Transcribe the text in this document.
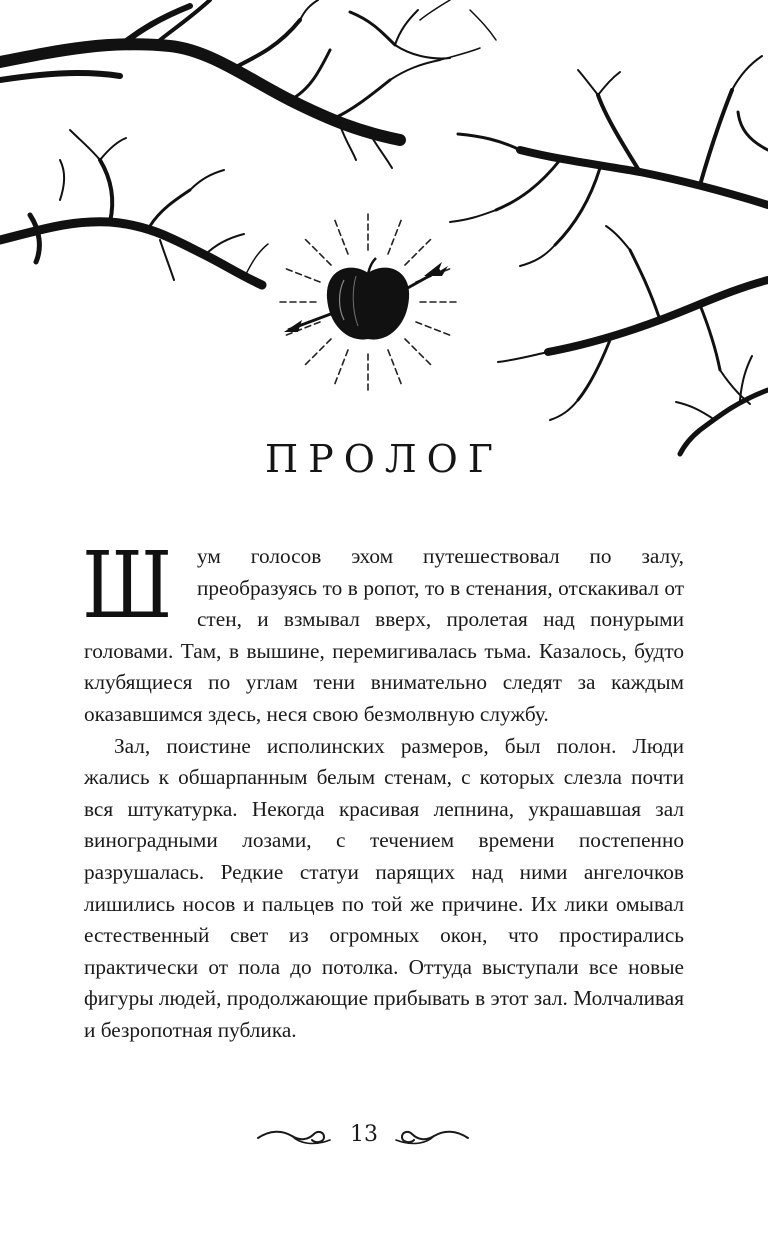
ПРОЛОГ

Ш ум голосов эхом путешествовал по залу, преобразуясь то в ропот, то в стенания, отскакивал от стен, и взмывал вверх, пролетая над понурыми головами. Там, в вышине, перемигивалась тьма. Казалось, будто клубящиеся по углам тени внимательно следят за каждым оказавшимся здесь, неся свою безмолвную службу.

Зал, поистине исполинских размеров, был полон. Люди жались к обшарпанным белым стенам, с которых слезла почти вся штукатурка. Некогда красивая лепнина, украшавшая зал виноградными лозами, с течением времени постепенно разрушалась. Редкие статуи парящих над ними ангелочков лишились носов и пальцев по той же причине. Их лики омывал естественный свет из огромных окон, что простирались практически от пола до потолка. Оттуда выступали все новые фигуры людей, продолжающие прибывать в этот зал. Молчаливая и безропотная публика.

13
